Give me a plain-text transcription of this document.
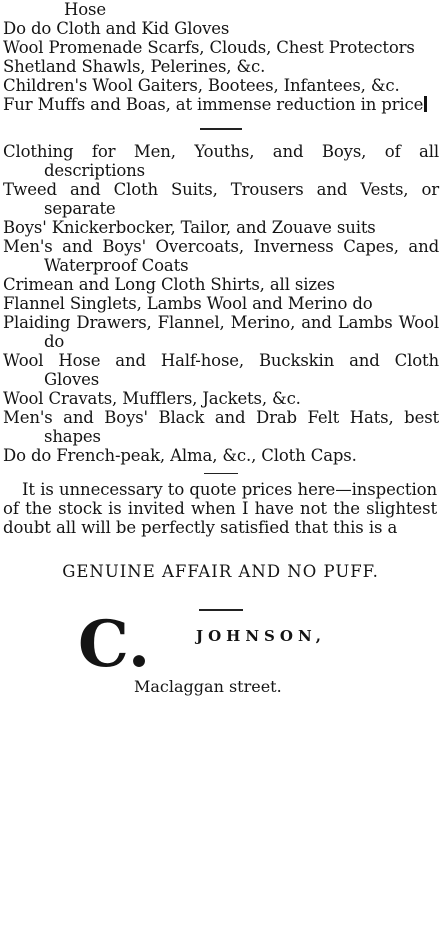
Hose
Do do Cloth and Kid Gloves
Wool Promenade Scarfs, Clouds, Chest Protectors
Shetland Shawls, Pelerines, &c.
Children's Wool Gaiters, Bootees, Infantees, &c.
Fur Muffs and Boas, at immense reduction in price
Clothing for Men, Youths, and Boys, of all descriptions
Tweed and Cloth Suits, Trousers and Vests, or separate
Boys' Knickerbocker, Tailor, and Zouave suits
Men's and Boys' Overcoats, Inverness Capes, and Waterproof Coats
Crimean and Long Cloth Shirts, all sizes
Flannel Singlets, Lambs Wool and Merino do
Plaiding Drawers, Flannel, Merino, and Lambs Wool do
Wool Hose and Half-hose, Buckskin and Cloth Gloves
Wool Cravats, Mufflers, Jackets, &c.
Men's and Boys' Black and Drab Felt Hats, best shapes
Do do French-peak, Alma, &c., Cloth Caps.

It is unnecessary to quote prices here—inspection of the stock is invited when I have not the slightest doubt all will be perfectly satisfied that this is a

GENUINE AFFAIR AND NO PUFF.
C.	JOHNSON,
Maclaggan street.
